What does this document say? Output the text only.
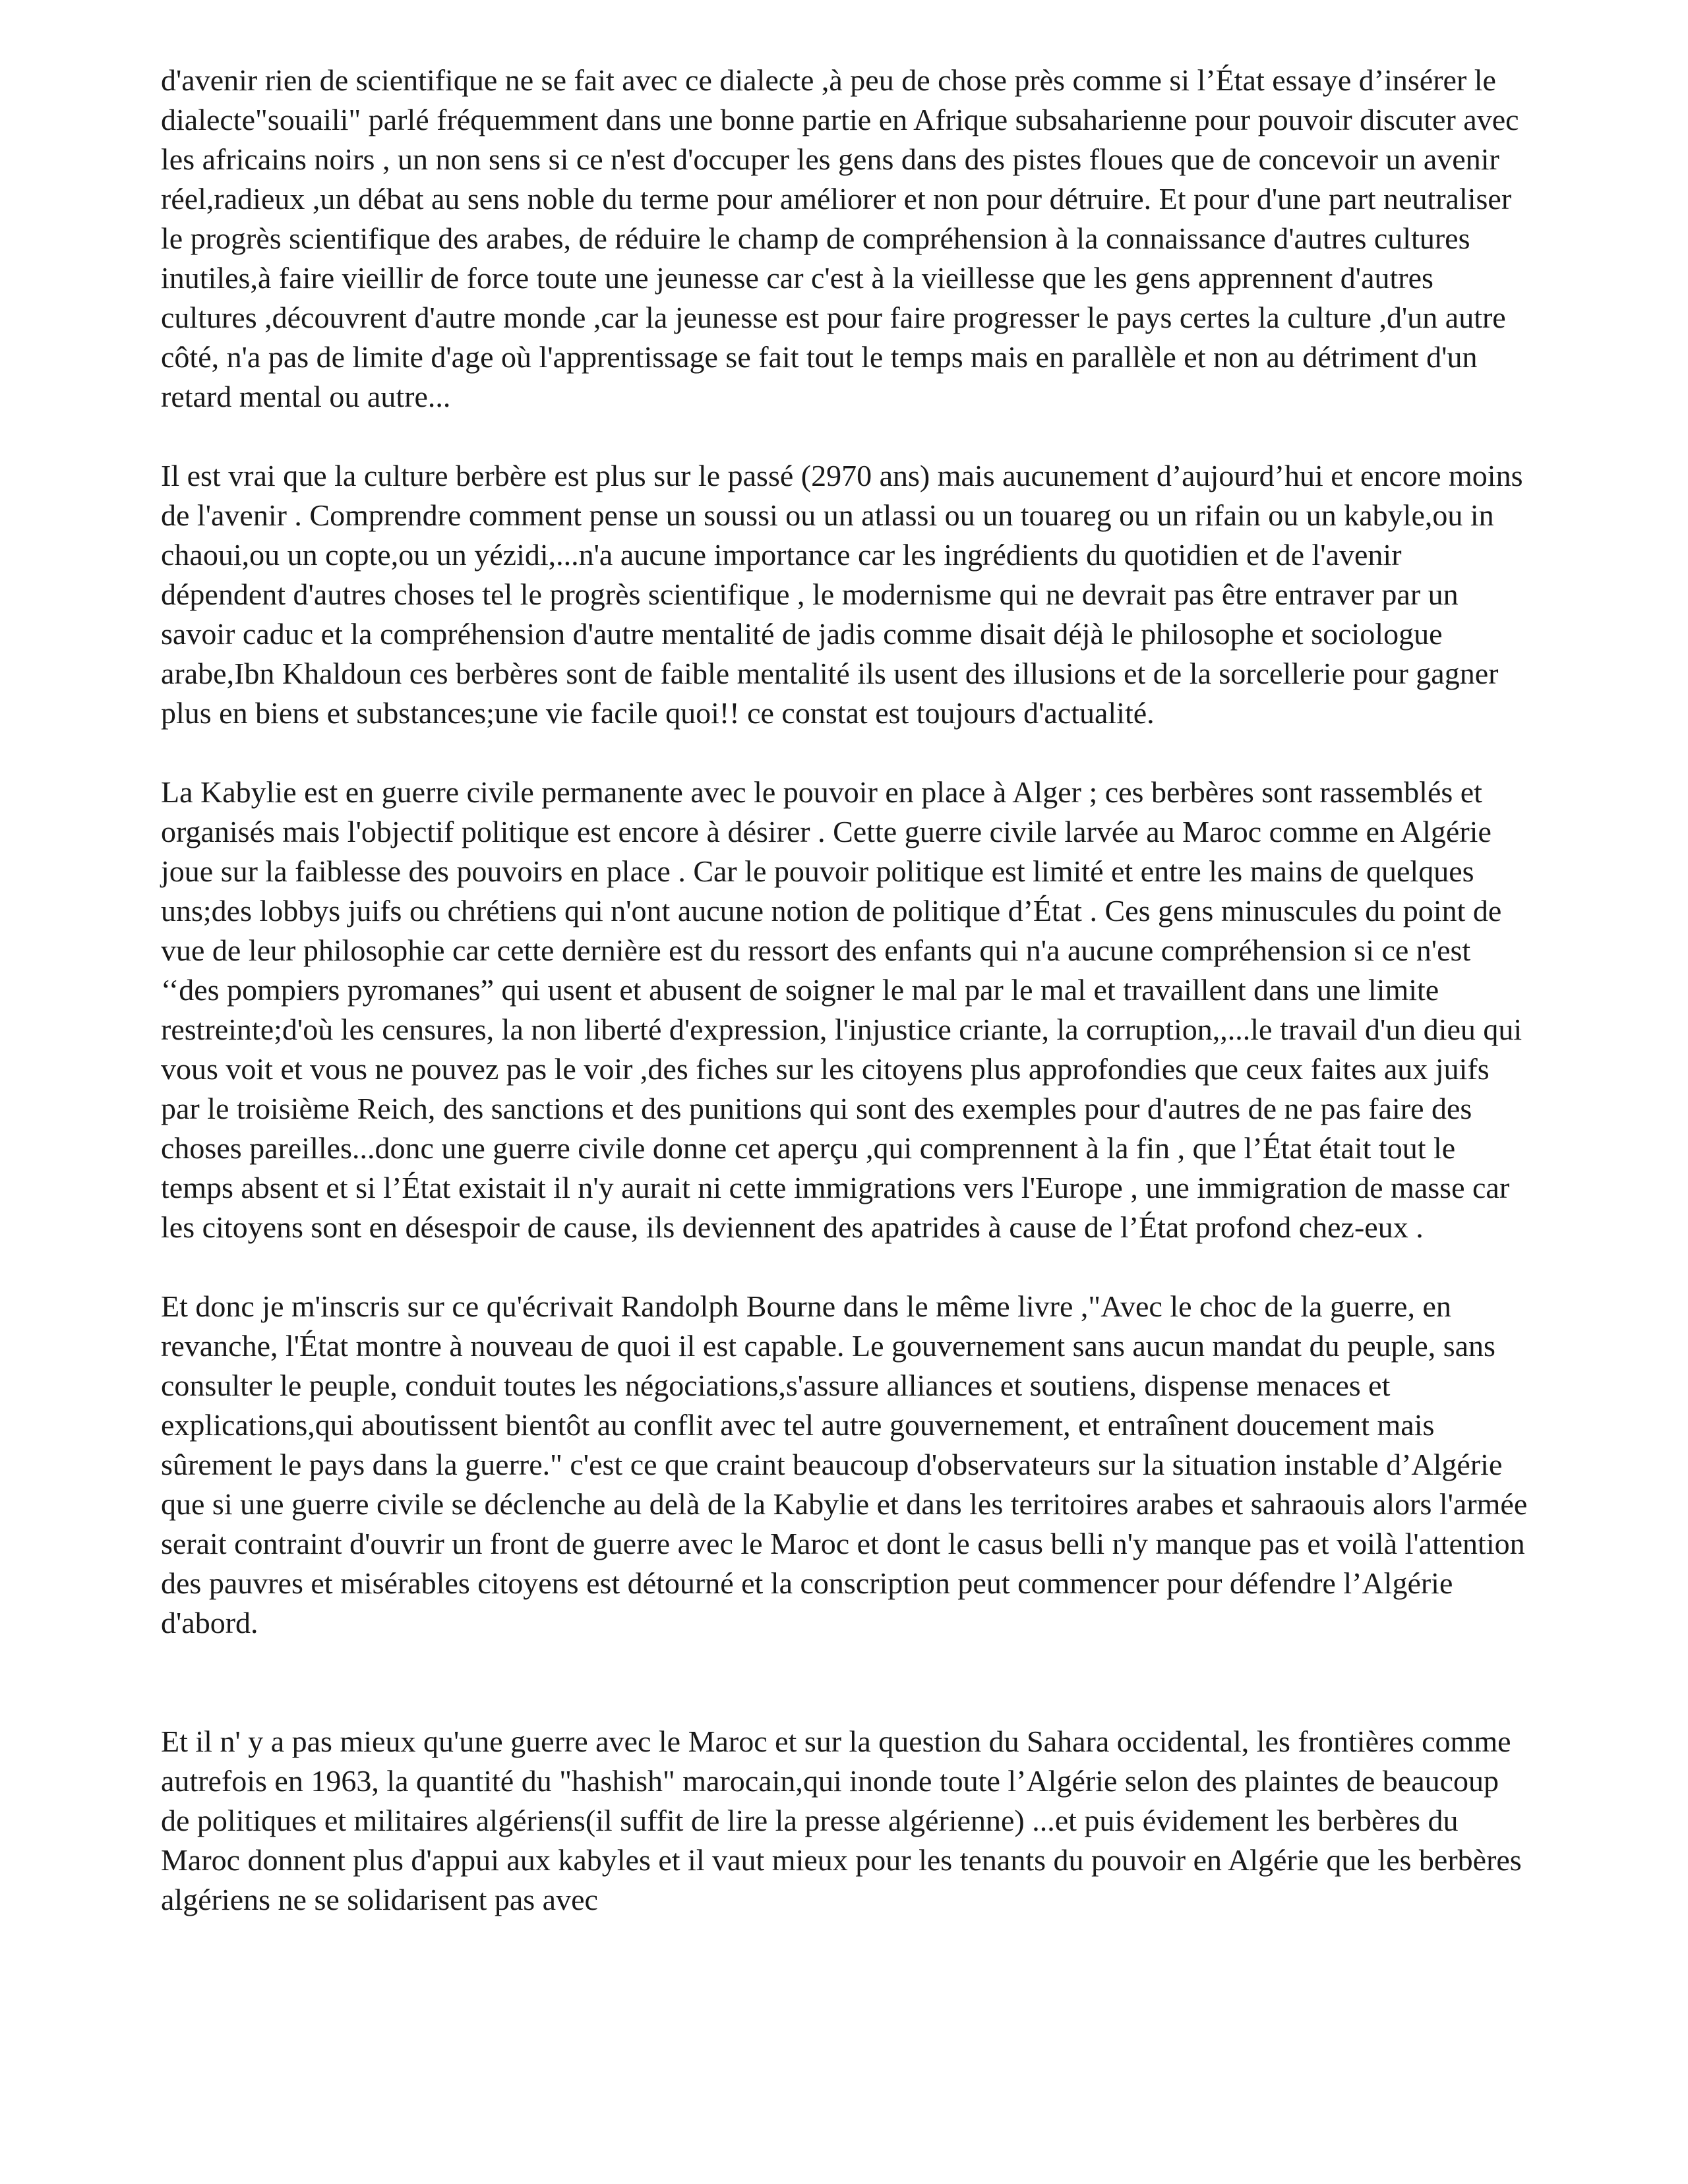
d'avenir rien de scientifique ne se fait avec ce dialecte ,à peu de chose près comme si l’État essaye d’insérer le dialecte"souaili" parlé fréquemment dans une bonne partie en Afrique subsaharienne pour pouvoir discuter avec les africains noirs , un non sens si ce n'est d'occuper les gens dans des pistes floues que de concevoir un avenir réel,radieux ,un débat au sens noble du terme pour améliorer et non pour détruire. Et pour d'une part neutraliser le progrès scientifique des arabes, de réduire le champ de compréhension à la connaissance d'autres cultures inutiles,à faire vieillir de force toute une jeunesse car c'est à la vieillesse que les gens apprennent d'autres cultures ,découvrent d'autre monde ,car la jeunesse est pour faire progresser le pays certes la culture ,d'un autre côté, n'a pas de limite d'age où l'apprentissage se fait tout le temps mais en parallèle et non au détriment d'un retard mental ou autre...

Il est vrai que la culture berbère est plus sur le passé (2970 ans) mais aucunement d’aujourd’hui et encore moins de l'avenir . Comprendre comment pense un soussi ou un atlassi ou un touareg ou un rifain ou un kabyle,ou in chaoui,ou un copte,ou un yézidi,...n'a aucune importance car les ingrédients du quotidien et de l'avenir dépendent d'autres choses tel le progrès scientifique , le modernisme qui ne devrait pas être entraver par un savoir caduc et la compréhension d'autre mentalité de jadis comme disait déjà le philosophe et sociologue arabe,Ibn Khaldoun ces berbères sont de faible mentalité ils usent des illusions et de la sorcellerie pour gagner plus en biens et substances;une vie facile quoi!! ce constat est toujours d'actualité.

La Kabylie est en guerre civile permanente avec le pouvoir en place à Alger ; ces berbères sont rassemblés et organisés mais l'objectif politique est encore à désirer . Cette guerre civile larvée au Maroc comme en Algérie joue sur la faiblesse des pouvoirs en place . Car le pouvoir politique est limité et entre les mains de quelques uns;des lobbys juifs ou chrétiens qui n'ont aucune notion de politique d’État . Ces gens minuscules du point de vue de leur philosophie car cette dernière est du ressort des enfants qui n'a aucune compréhension si ce n'est ‘‘des pompiers pyromanes” qui usent et abusent de soigner le mal par le mal et travaillent dans une limite restreinte;d'où les censures, la non liberté d'expression, l'injustice criante, la corruption,,...le travail d'un dieu qui vous voit et vous ne pouvez pas le voir ,des fiches sur les citoyens plus approfondies que ceux faites aux juifs par le troisième Reich, des sanctions et des punitions qui sont des exemples pour d'autres de ne pas faire des choses pareilles...donc une guerre civile donne cet aperçu ,qui comprennent à la fin , que l’État était tout le temps absent et si l’État existait il n'y aurait ni cette immigrations vers l'Europe , une immigration de masse car les citoyens sont en désespoir de cause, ils deviennent des apatrides à cause de l’État profond chez-eux .

Et donc je m'inscris sur ce qu'écrivait Randolph Bourne dans le même livre ,"Avec le choc de la guerre, en revanche, l'État montre à nouveau de quoi il est capable. Le gouvernement sans aucun mandat du peuple, sans consulter le peuple, conduit toutes les négociations,s'assure alliances et soutiens, dispense menaces et explications,qui aboutissent bientôt au conflit avec tel autre gouvernement, et entraînent doucement mais sûrement le pays dans la guerre." c'est ce que craint beaucoup d'observateurs sur la situation instable d’Algérie que si une guerre civile se déclenche au delà de la Kabylie et dans les territoires arabes et sahraouis alors l'armée serait contraint d'ouvrir un front de guerre avec le Maroc et dont le casus belli n'y manque pas et voilà l'attention des pauvres et misérables citoyens est détourné et la conscription peut commencer pour défendre l’Algérie d'abord.

Et il n' y a pas mieux qu'une guerre avec le Maroc et sur la question du Sahara occidental, les frontières comme autrefois en 1963, la quantité du "hashish" marocain,qui inonde toute l’Algérie selon des plaintes de beaucoup de politiques et militaires algériens(il suffit de lire la presse algérienne) ...et puis évidement les berbères du Maroc donnent plus d'appui aux kabyles et il vaut mieux pour les tenants du pouvoir en Algérie que les berbères algériens ne se solidarisent pas avec
